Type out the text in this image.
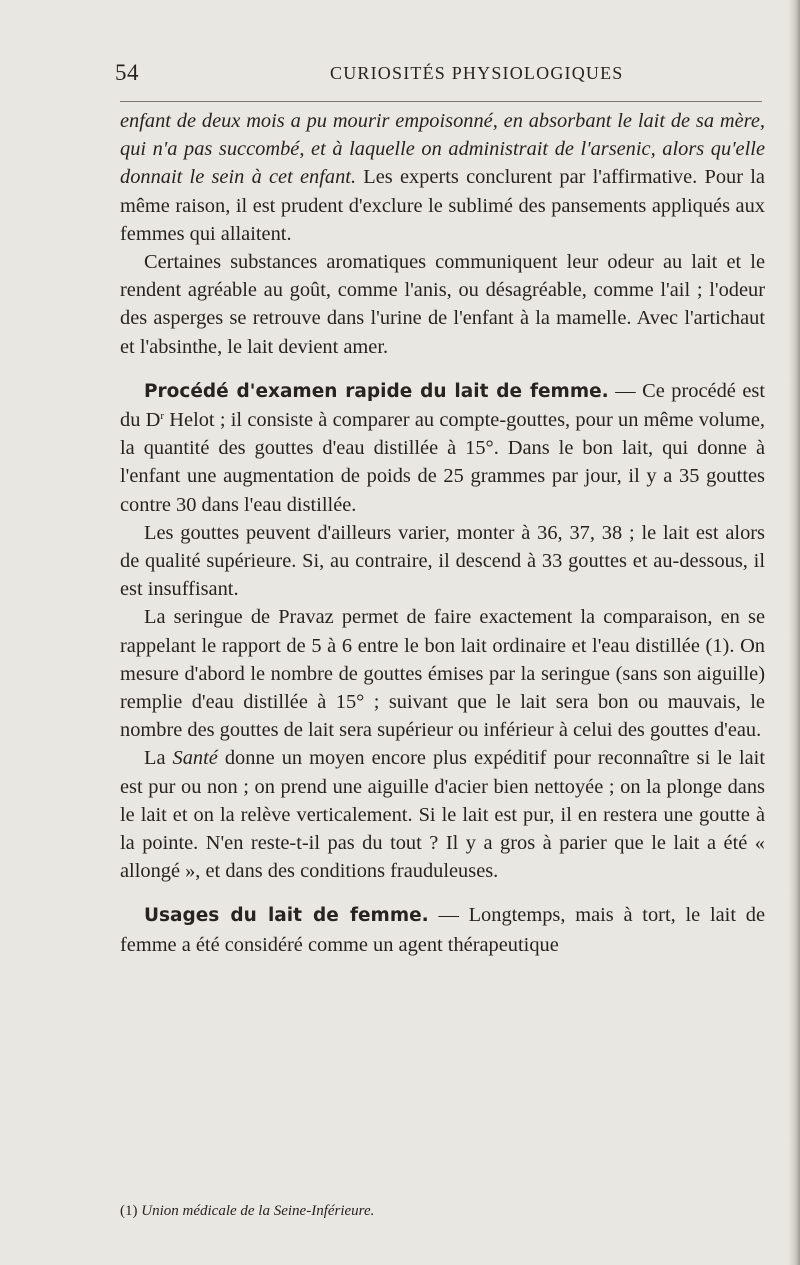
54	CURIOSITÉS PHYSIOLOGIQUES

enfant de deux mois a pu mourir empoisonné, en absorbant le lait de sa mère, qui n'a pas succombé, et à laquelle on administrait de l'arsenic, alors qu'elle donnait le sein à cet enfant. Les experts conclurent par l'affirmative. Pour la même raison, il est prudent d'exclure le sublimé des pansements appliqués aux femmes qui allaitent.

Certaines substances aromatiques communiquent leur odeur au lait et le rendent agréable au goût, comme l'anis, ou désagréable, comme l'ail ; l'odeur des asperges se retrouve dans l'urine de l'enfant à la mamelle. Avec l'artichaut et l'absinthe, le lait devient amer.

Procédé d'examen rapide du lait de femme. — Ce procédé est du $D^r$ Helot ; il consiste à comparer au compte-gouttes, pour un même volume, la quantité des gouttes d'eau distillée à 15°. Dans le bon lait, qui donne à l'enfant une augmentation de poids de 25 grammes par jour, il y a 35 gouttes contre 30 dans l'eau distillée.

Les gouttes peuvent d'ailleurs varier, monter à 36, 37, 38 ; le lait est alors de qualité supérieure. Si, au contraire, il descend à 33 gouttes et au-dessous, il est insuffisant.

La seringue de Pravaz permet de faire exactement la comparaison, en se rappelant le rapport de 5 à 6 entre le bon lait ordinaire et l'eau distillée (1). On mesure d'abord le nombre de gouttes émises par la seringue (sans son aiguille) remplie d'eau distillée à 15° ; suivant que le lait sera bon ou mauvais, le nombre des gouttes de lait sera supérieur ou inférieur à celui des gouttes d'eau.

La Santé donne un moyen encore plus expéditif pour reconnaître si le lait est pur ou non ; on prend une aiguille d'acier bien nettoyée ; on la plonge dans le lait et on la relève verticalement. Si le lait est pur, il en restera une goutte à la pointe. N'en reste-t-il pas du tout ? Il y a gros à parier que le lait a été « allongé », et dans des conditions frauduleuses.

Usages du lait de femme. — Longtemps, mais à tort, le lait de femme a été considéré comme un agent thérapeutique

(1) Union médicale de la Seine-Inférieure.
